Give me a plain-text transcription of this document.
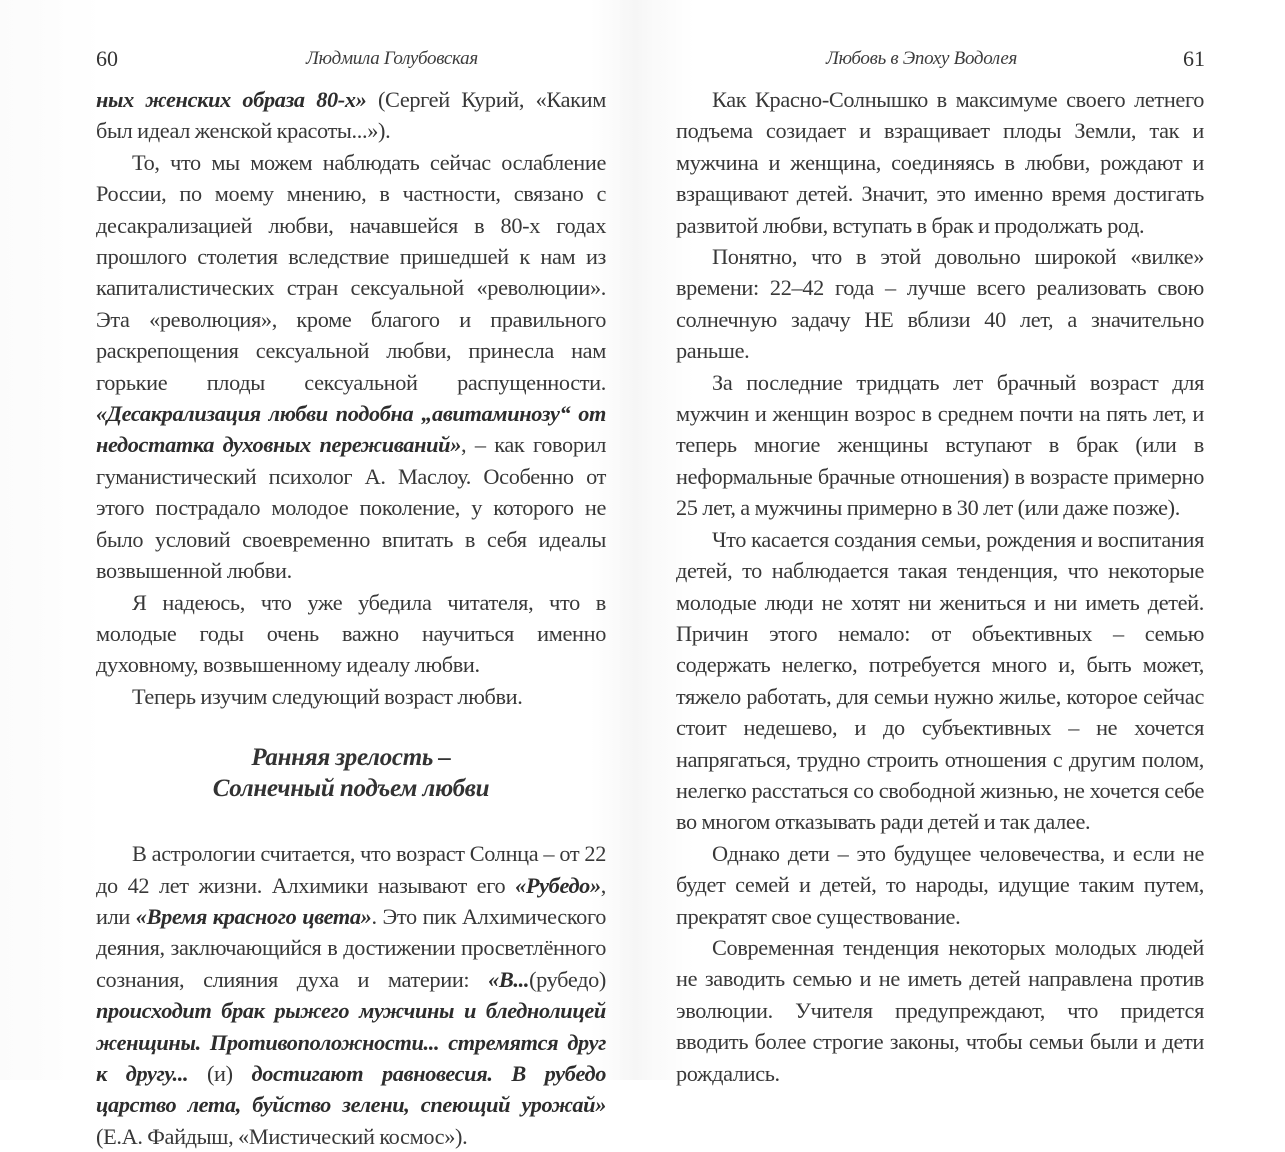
60	Людмила Голубовская

ных женских образа 80-х» (Сергей Курий, «Каким был идеал женской красоты...»).

То, что мы можем наблюдать сейчас ослабление России, по моему мнению, в частности, связано с десакрализацией любви, начавшейся в 80-х годах прошлого столетия вследствие пришедшей к нам из капиталистических стран сексуальной «революции». Эта «революция», кроме благого и правильного раскрепощения сексуальной любви, принесла нам горькие плоды сексуальной распущенности. «Десакрализация любви подобна „авитаминозу“ от недостатка духовных переживаний», – как говорил гуманистический психолог А. Маслоу. Особенно от этого пострадало молодое поколение, у которого не было условий своевременно впитать в себя идеалы возвышенной любви.

Я надеюсь, что уже убедила читателя, что в молодые годы очень важно научиться именно духовному, возвышенному идеалу любви.

Теперь изучим следующий возраст любви.

Ранняя зрелость –
Солнечный подъем любви

В астрологии считается, что возраст Солнца – от 22 до 42 лет жизни. Алхимики называют его «Рубедо», или «Время красного цвета». Это пик Алхимического деяния, заключающийся в достижении просветлённого сознания, слияния духа и материи: «В...(рубедо) происходит брак рыжего мужчины и бледнолицей женщины. Противоположности... стремятся друг к другу... (и) достигают равновесия. В рубедо царство лета, буйство зелени, спеющий урожай» (Е.А. Файдыш, «Мистический космос»).

Любовь в Эпоху Водолея	61

Как Красно-Солнышко в максимуме своего летнего подъема созидает и взращивает плоды Земли, так и мужчина и женщина, соединяясь в любви, рождают и взращивают детей. Значит, это именно время достигать развитой любви, вступать в брак и продолжать род.

Понятно, что в этой довольно широкой «вилке» времени: 22–42 года – лучше всего реализовать свою солнечную задачу НЕ вблизи 40 лет, а значительно раньше.

За последние тридцать лет брачный возраст для мужчин и женщин возрос в среднем почти на пять лет, и теперь многие женщины вступают в брак (или в неформальные брачные отношения) в возрасте примерно 25 лет, а мужчины примерно в 30 лет (или даже позже).

Что касается создания семьи, рождения и воспитания детей, то наблюдается такая тенденция, что некоторые молодые люди не хотят ни жениться и ни иметь детей. Причин этого немало: от объективных – семью содержать нелегко, потребуется много и, быть может, тяжело работать, для семьи нужно жилье, которое сейчас стоит недешево, и до субъективных – не хочется напрягаться, трудно строить отношения с другим полом, нелегко расстаться со свободной жизнью, не хочется себе во многом отказывать ради детей и так далее.

Однако дети – это будущее человечества, и если не будет семей и детей, то народы, идущие таким путем, прекратят свое существование.

Современная тенденция некоторых молодых людей не заводить семью и не иметь детей направлена против эволюции. Учителя предупреждают, что придется вводить более строгие законы, чтобы семьи были и дети рождались.
